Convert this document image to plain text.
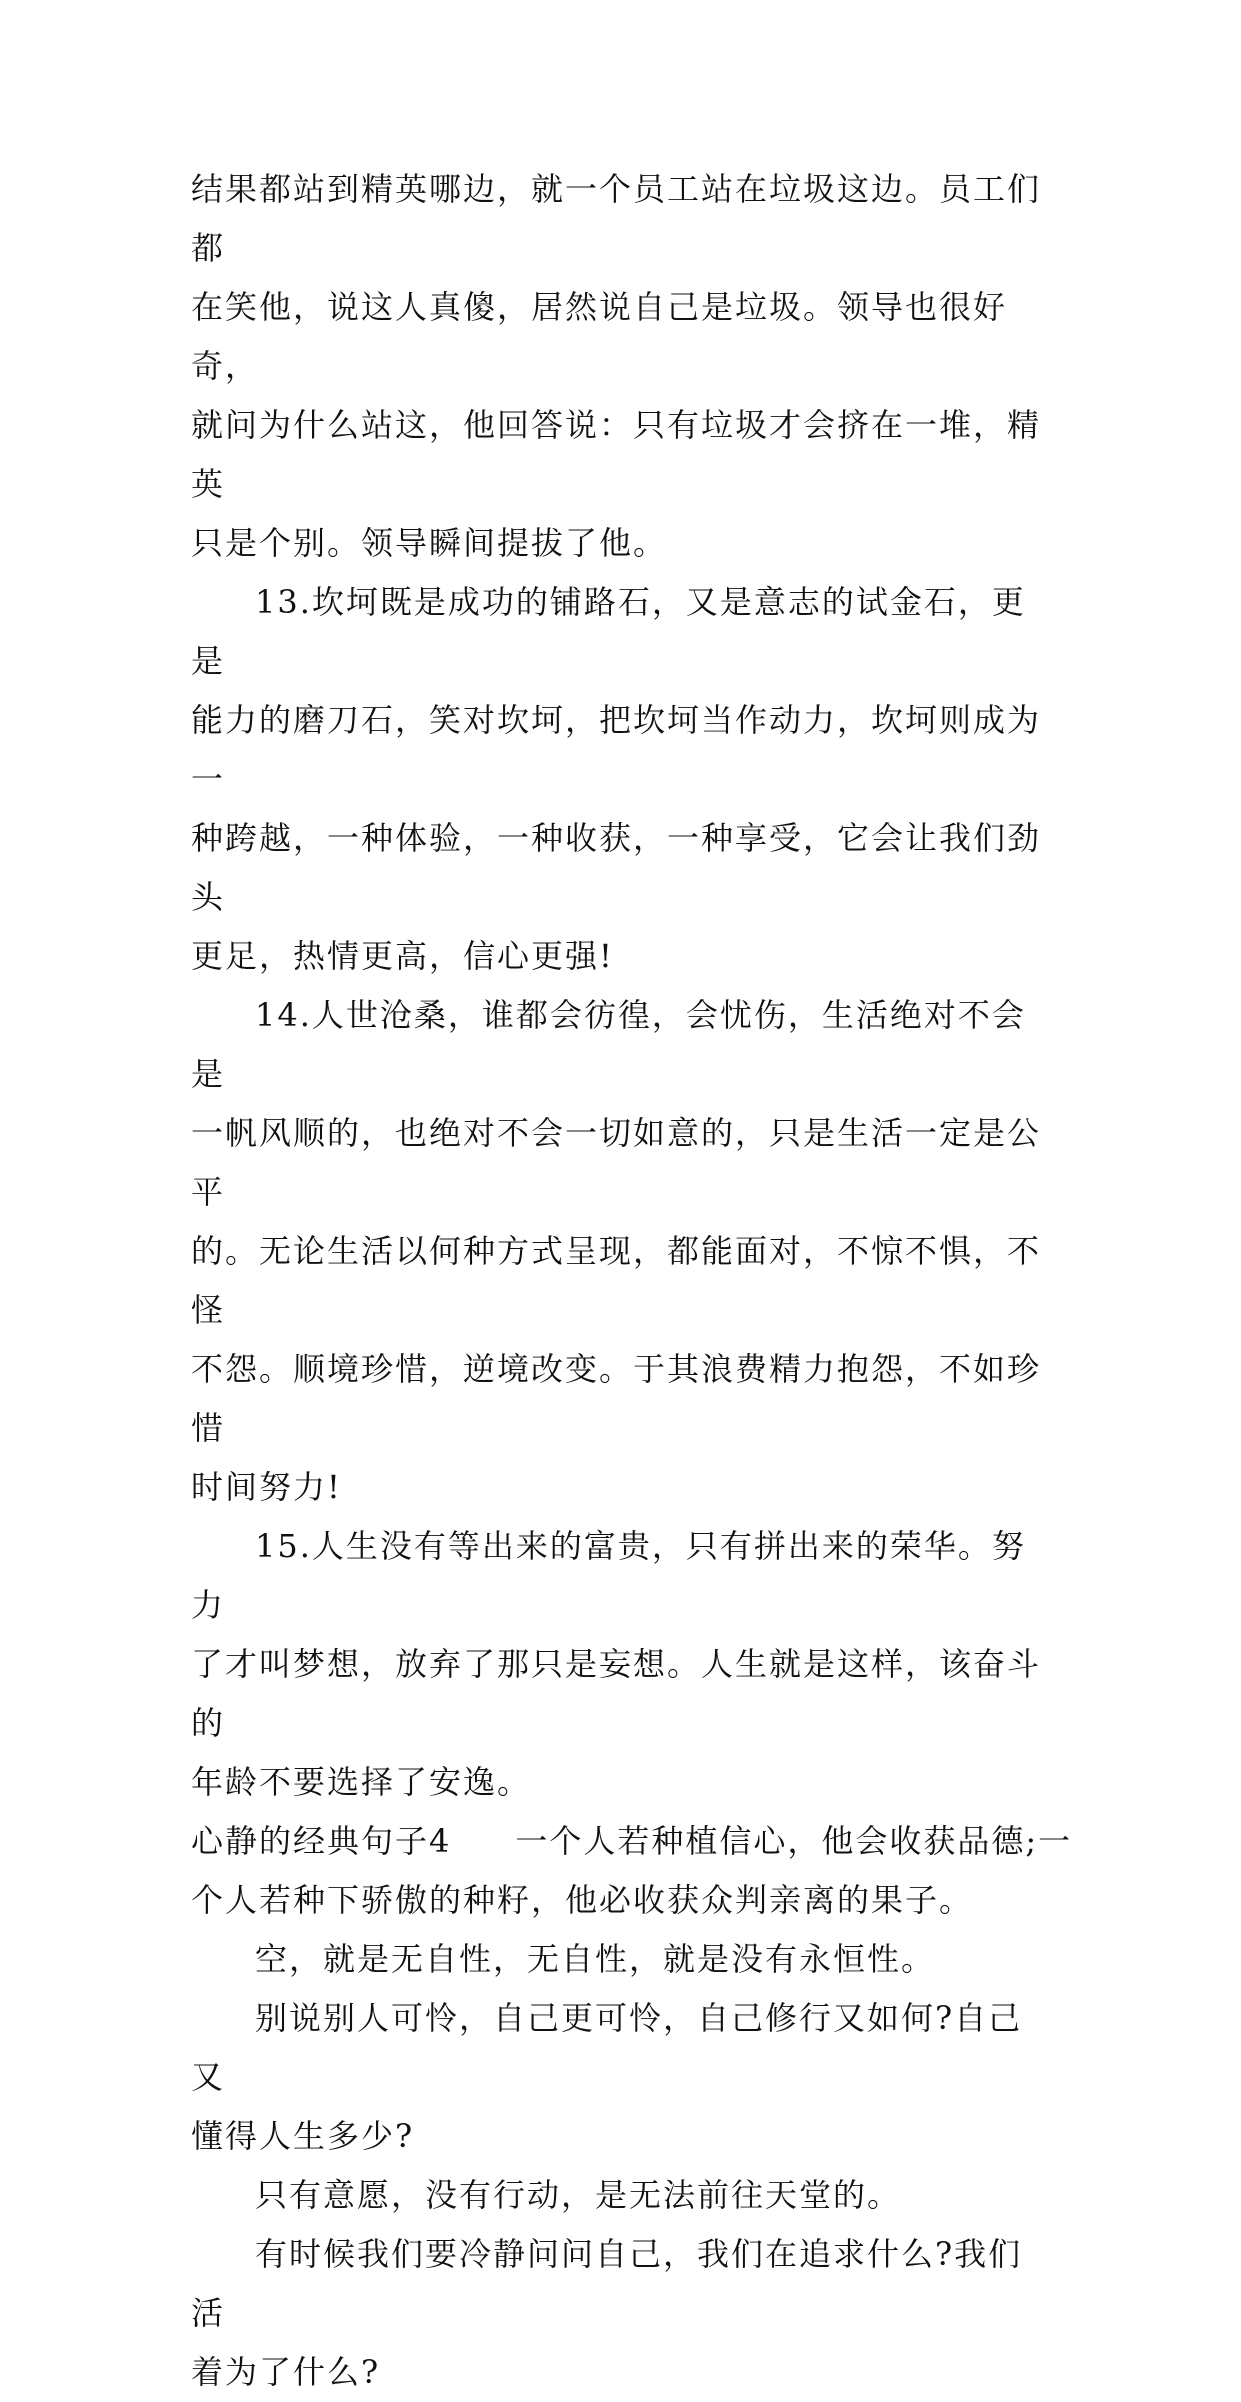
结果都站到精英哪边，就一个员工站在垃圾这边。员工们都
在笑他，说这人真傻，居然说自己是垃圾。领导也很好奇，
就问为什么站这，他回答说：只有垃圾才会挤在一堆，精英
只是个别。领导瞬间提拔了他。

13.坎坷既是成功的铺路石，又是意志的试金石，更是
能力的磨刀石，笑对坎坷，把坎坷当作动力，坎坷则成为一
种跨越，一种体验，一种收获，一种享受，它会让我们劲头
更足，热情更高，信心更强!

14.人世沧桑，谁都会彷徨，会忧伤，生活绝对不会是
一帆风顺的，也绝对不会一切如意的，只是生活一定是公平
的。无论生活以何种方式呈现，都能面对，不惊不惧，不怪
不怨。顺境珍惜，逆境改变。于其浪费精力抱怨，不如珍惜
时间努力!

15.人生没有等出来的富贵，只有拼出来的荣华。努力
了才叫梦想，放弃了那只是妄想。人生就是这样，该奋斗的
年龄不要选择了安逸。

心静的经典句子4 一个人若种植信心，他会收获品德;一
个人若种下骄傲的种籽，他必收获众判亲离的果子。

空，就是无自性，无自性，就是没有永恒性。

别说别人可怜，自己更可怜，自己修行又如何?自己又
懂得人生多少?

只有意愿，没有行动，是无法前往天堂的。

有时候我们要冷静问问自己，我们在追求什么?我们活
着为了什么?
